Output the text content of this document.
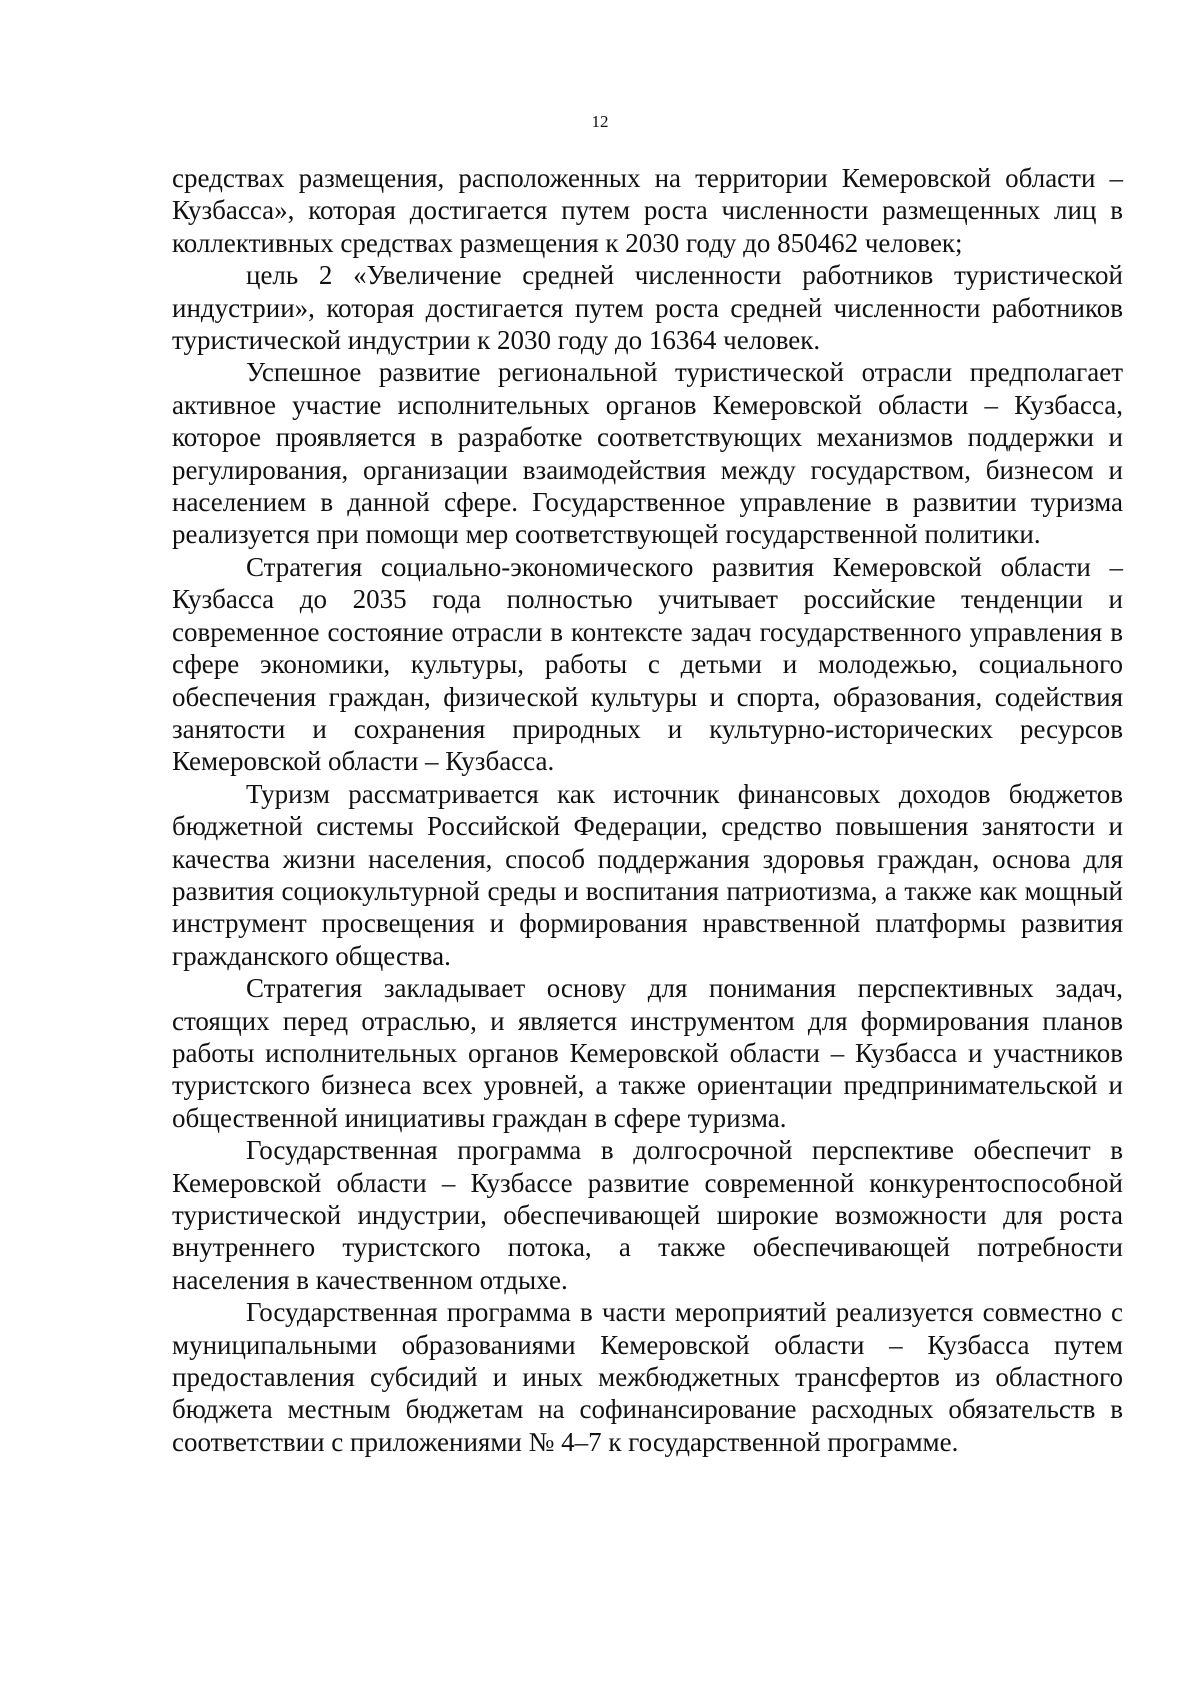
12

средствах размещения, расположенных на территории Кемеровской области – Кузбасса», которая достигается путем роста численности размещенных лиц в коллективных средствах размещения к 2030 году до 850462 человек;

цель 2 «Увеличение средней численности работников туристической индустрии», которая достигается путем роста средней численности работников туристической индустрии к 2030 году до 16364 человек.

Успешное развитие региональной туристической отрасли предполагает активное участие исполнительных органов Кемеровской области – Кузбасса, которое проявляется в разработке соответствующих механизмов поддержки и регулирования, организации взаимодействия между государством, бизнесом и населением в данной сфере. Государственное управление в развитии туризма реализуется при помощи мер соответствующей государственной политики.

Стратегия социально-экономического развития Кемеровской области – Кузбасса до 2035 года полностью учитывает российские тенденции и современное состояние отрасли в контексте задач государственного управления в сфере экономики, культуры, работы с детьми и молодежью, социального обеспечения граждан, физической культуры и спорта, образования, содействия занятости и сохранения природных и культурно-исторических ресурсов Кемеровской области – Кузбасса.

Туризм рассматривается как источник финансовых доходов бюджетов бюджетной системы Российской Федерации, средство повышения занятости и качества жизни населения, способ поддержания здоровья граждан, основа для развития социокультурной среды и воспитания патриотизма, а также как мощный инструмент просвещения и формирования нравственной платформы развития гражданского общества.

Стратегия закладывает основу для понимания перспективных задач, стоящих перед отраслью, и является инструментом для формирования планов работы исполнительных органов Кемеровской области – Кузбасса и участников туристского бизнеса всех уровней, а также ориентации предпринимательской и общественной инициативы граждан в сфере туризма.

Государственная программа в долгосрочной перспективе обеспечит в Кемеровской области – Кузбассе развитие современной конкурентоспособной туристической индустрии, обеспечивающей широкие возможности для роста внутреннего туристского потока, а также обеспечивающей потребности населения в качественном отдыхе.

Государственная программа в части мероприятий реализуется совместно с муниципальными образованиями Кемеровской области – Кузбасса путем предоставления субсидий и иных межбюджетных трансфертов из областного бюджета местным бюджетам на софинансирование расходных обязательств в соответствии с приложениями № 4–7 к государственной программе.
